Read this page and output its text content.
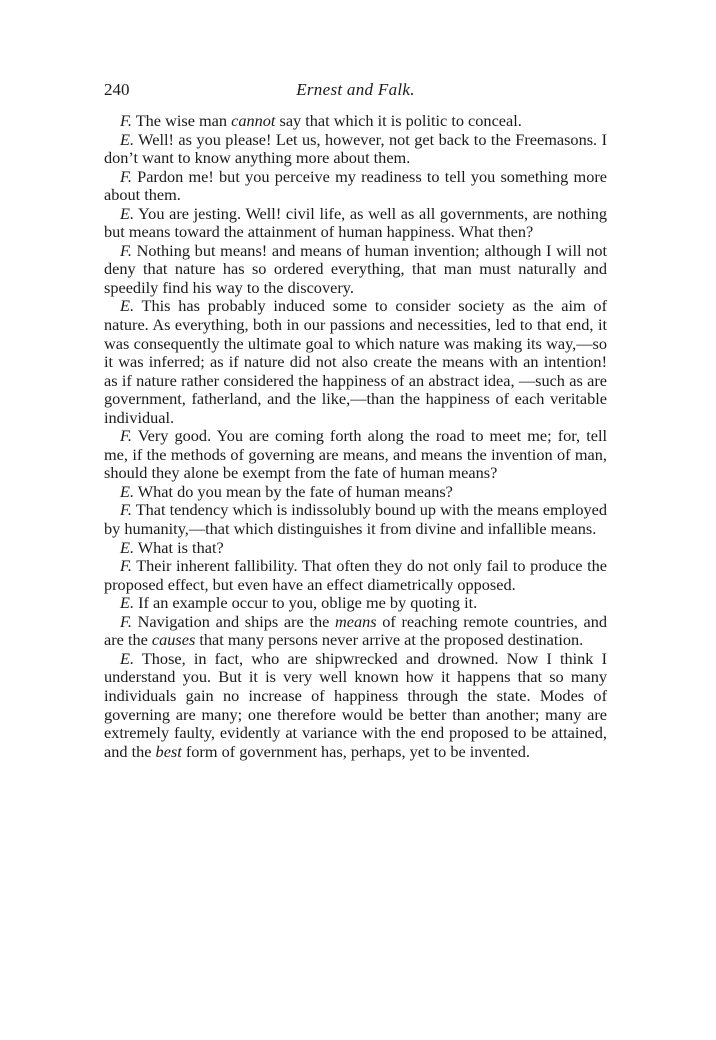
240	Ernest and Falk.

F. The wise man cannot say that which it is politic to conceal.

E. Well! as you please! Let us, however, not get back to the Freemasons. I don’t want to know anything more about them.

F. Pardon me! but you perceive my readiness to tell you something more about them.

E. You are jesting. Well! civil life, as well as all governments, are nothing but means toward the attainment of human happiness. What then?

F. Nothing but means! and means of human invention; although I will not deny that nature has so ordered everything, that man must naturally and speedily find his way to the discovery.

E. This has probably induced some to consider society as the aim of nature. As everything, both in our passions and necessities, led to that end, it was consequently the ultimate goal to which nature was making its way,—so it was inferred; as if nature did not also create the means with an intention! as if nature rather considered the happiness of an abstract idea, —such as are government, fatherland, and the like,—than the happiness of each veritable individual.

F. Very good. You are coming forth along the road to meet me; for, tell me, if the methods of governing are means, and means the invention of man, should they alone be exempt from the fate of human means?

E. What do you mean by the fate of human means?

F. That tendency which is indissolubly bound up with the means employed by humanity,—that which distinguishes it from divine and infallible means.

E. What is that?

F. Their inherent fallibility. That often they do not only fail to produce the proposed effect, but even have an effect diametrically opposed.

E. If an example occur to you, oblige me by quoting it.

F. Navigation and ships are the means of reaching remote countries, and are the causes that many persons never arrive at the proposed destination.

E. Those, in fact, who are shipwrecked and drowned. Now I think I understand you. But it is very well known how it happens that so many individuals gain no increase of happiness through the state. Modes of governing are many; one therefore would be better than another; many are extremely faulty, evidently at variance with the end proposed to be attained, and the best form of government has, perhaps, yet to be invented.
